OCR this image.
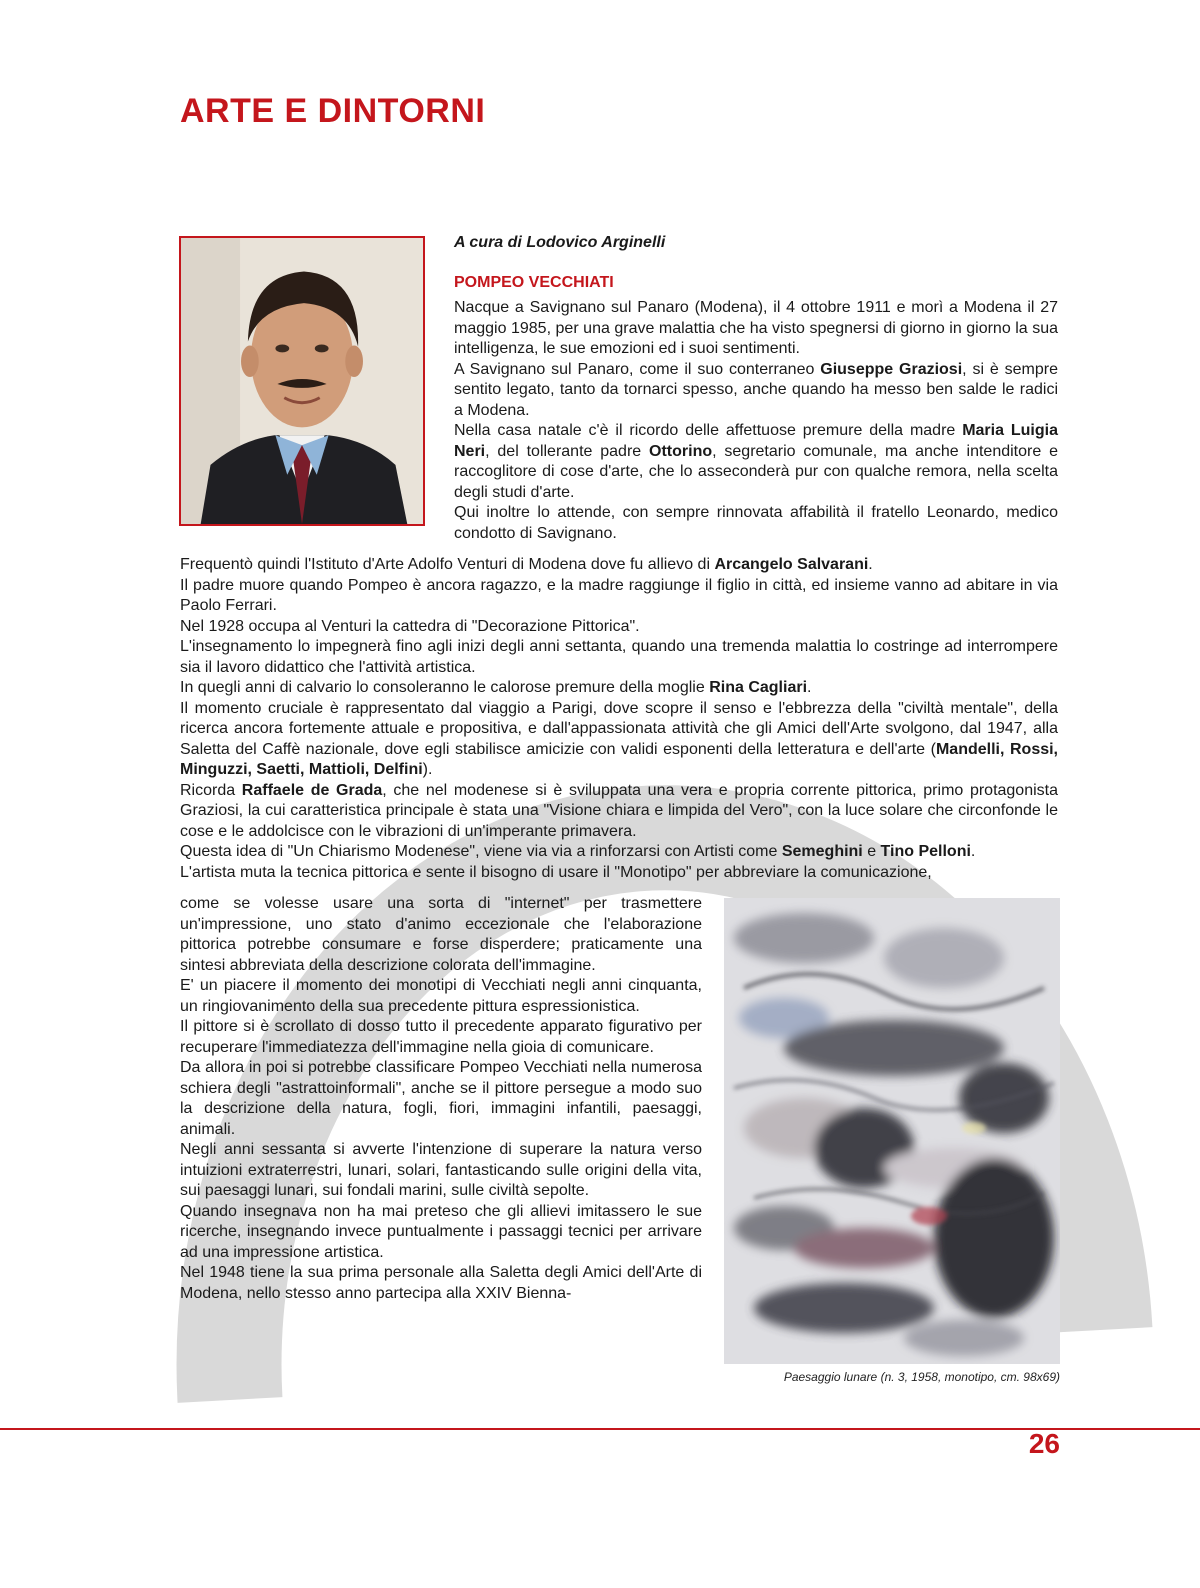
ARTE E DINTORNI
A cura di Lodovico Arginelli
POMPEO VECCHIATI

Nacque a Savignano sul Panaro (Modena), il 4 ottobre 1911 e morì a Modena il 27 maggio 1985, per una grave malattia che ha visto spegnersi di giorno in giorno la sua intelligenza, le sue emozioni ed i suoi sentimenti.

A Savignano sul Panaro, come il suo conterraneo Giuseppe Graziosi, si è sempre sentito legato, tanto da tornarci spesso, anche quando ha messo ben salde le radici a Modena.

Nella casa natale c'è il ricordo delle affettuose premure della madre Maria Luigia Neri, del tollerante padre Ottorino, segretario comunale, ma anche intenditore e raccoglitore di cose d'arte, che lo asseconderà pur con qualche remora, nella scelta degli studi d'arte.

Qui inoltre lo attende, con sempre rinnovata affabilità il fratello Leonardo, medico condotto di Savignano.

Frequentò quindi l'Istituto d'Arte Adolfo Venturi di Modena dove fu allievo di Arcangelo Salvarani.

Il padre muore quando Pompeo è ancora ragazzo, e la madre raggiunge il figlio in città, ed insieme vanno ad abitare in via Paolo Ferrari.

Nel 1928 occupa al Venturi la cattedra di "Decorazione Pittorica".

L'insegnamento lo impegnerà fino agli inizi degli anni settanta, quando una tremenda malattia lo costringe ad interrompere sia il lavoro didattico che l'attività artistica.

In quegli anni di calvario lo consoleranno le calorose premure della moglie Rina Cagliari.

Il momento cruciale è rappresentato dal viaggio a Parigi, dove scopre il senso e l'ebbrezza della "civiltà mentale", della ricerca ancora fortemente attuale e propositiva, e dall'appassionata attività che gli Amici dell'Arte svolgono, dal 1947, alla Saletta del Caffè nazionale, dove egli stabilisce amicizie con validi esponenti della letteratura e dell'arte (Mandelli, Rossi, Minguzzi, Saetti, Mattioli, Delfini).

Ricorda Raffaele de Grada, che nel modenese si è sviluppata una vera e propria corrente pittorica, primo protagonista Graziosi, la cui caratteristica principale è stata una "Visione chiara e limpida del Vero", con la luce solare che circonfonde le cose e le addolcisce con le vibrazioni di un'imperante primavera.

Questa idea di "Un Chiarismo Modenese", viene via via a rinforzarsi con Artisti come Semeghini e Tino Pelloni.

L'artista muta la tecnica pittorica e sente il bisogno di usare il "Monotipo" per abbreviare la comunicazione,

come se volesse usare una sorta di "internet" per trasmettere un'impressione, uno stato d'animo eccezionale che l'elaborazione pittorica potrebbe consumare e forse disperdere; praticamente una sintesi abbreviata della descrizione colorata dell'immagine.

E' un piacere il momento dei monotipi di Vecchiati negli anni cinquanta, un ringiovanimento della sua precedente pittura espressionistica.

Il pittore si è scrollato di dosso tutto il precedente apparato figurativo per recuperare l'immediatezza dell'immagine nella gioia di comunicare.

Da allora in poi si potrebbe classificare Pompeo Vecchiati nella numerosa schiera degli "astrattoinformali", anche se il pittore persegue a modo suo la descrizione della natura, fogli, fiori, immagini infantili, paesaggi, animali.

Negli anni sessanta si avverte l'intenzione di superare la natura verso intuizioni extraterrestri, lunari, solari, fantasticando sulle origini della vita, sui paesaggi lunari, sui fondali marini, sulle civiltà sepolte.

Quando insegnava non ha mai preteso che gli allievi imitassero le sue ricerche, insegnando invece puntualmente i passaggi tecnici per arrivare ad una impressione artistica.

Nel 1948 tiene la sua prima personale alla Saletta degli Amici dell'Arte di Modena, nello stesso anno partecipa alla XXIV Bienna-

Paesaggio lunare (n. 3, 1958, monotipo, cm. 98x69)
26
